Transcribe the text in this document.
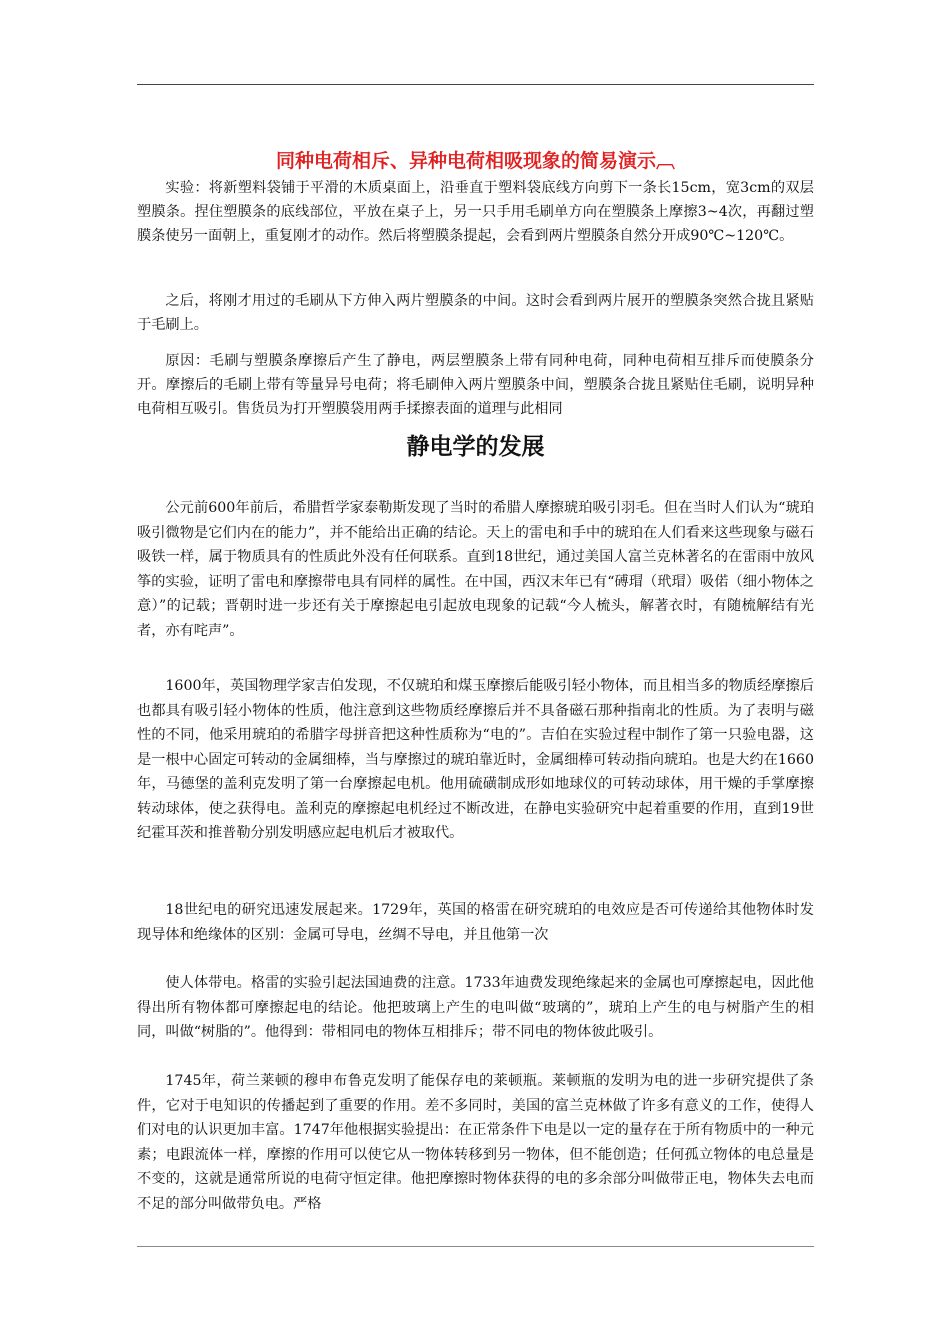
同种电荷相斥、异种电荷相吸现象的简易演示︹

实验：将新塑料袋铺于平滑的木质桌面上，沿垂直于塑料袋底线方向剪下一条长15cm，宽3cm的双层塑膜条。捏住塑膜条的底线部位，平放在桌子上，另一只手用毛刷单方向在塑膜条上摩擦3~4次，再翻过塑膜条使另一面朝上，重复刚才的动作。然后将塑膜条提起，会看到两片塑膜条自然分开成90℃~120℃。

之后，将刚才用过的毛刷从下方伸入两片塑膜条的中间。这时会看到两片展开的塑膜条突然合拢且紧贴于毛刷上。

原因：毛刷与塑膜条摩擦后产生了静电，两层塑膜条上带有同种电荷，同种电荷相互排斥而使膜条分开。摩擦后的毛刷上带有等量异号电荷；将毛刷伸入两片塑膜条中间，塑膜条合拢且紧贴住毛刷，说明异种电荷相互吸引。售货员为打开塑膜袋用两手揉擦表面的道理与此相同

静电学的发展

公元前600年前后，希腊哲学家泰勒斯发现了当时的希腊人摩擦琥珀吸引羽毛。但在当时人们认为“琥珀吸引微物是它们内在的能力”，并不能给出正确的结论。天上的雷电和手中的琥珀在人们看来这些现象与磁石吸铁一样，属于物质具有的性质此外没有任何联系。直到18世纪，通过美国人富兰克林著名的在雷雨中放风筝的实验，证明了雷电和摩擦带电具有同样的属性。在中国，西汉末年已有“磗瑁（玳瑁）吸偌（细小物体之意）”的记载；晋朝时进一步还有关于摩擦起电引起放电现象的记载“今人梳头，解著衣时，有随梳解结有光者，亦有咤声”。

1600年，英国物理学家吉伯发现，不仅琥珀和煤玉摩擦后能吸引轻小物体，而且相当多的物质经摩擦后也都具有吸引轻小物体的性质，他注意到这些物质经摩擦后并不具备磁石那种指南北的性质。为了表明与磁性的不同，他采用琥珀的希腊字母拼音把这种性质称为“电的”。吉伯在实验过程中制作了第一只验电器，这是一根中心固定可转动的金属细棒，当与摩擦过的琥珀靠近时，金属细棒可转动指向琥珀。也是大约在1660年，马德堡的盖利克发明了第一台摩擦起电机。他用硫磺制成形如地球仪的可转动球体，用干燥的手掌摩擦转动球体，使之获得电。盖利克的摩擦起电机经过不断改进，在静电实验研究中起着重要的作用，直到19世纪霍耳茨和推普勒分别发明感应起电机后才被取代。

18世纪电的研究迅速发展起来。1729年，英国的格雷在研究琥珀的电效应是否可传递给其他物体时发现导体和绝缘体的区别：金属可导电，丝绸不导电，并且他第一次

使人体带电。格雷的实验引起法国迪费的注意。1733年迪费发现绝缘起来的金属也可摩擦起电，因此他得出所有物体都可摩擦起电的结论。他把玻璃上产生的电叫做“玻璃的”，琥珀上产生的电与树脂产生的相同，叫做“树脂的”。他得到：带相同电的物体互相排斥；带不同电的物体彼此吸引。

1745年，荷兰莱顿的穆申布鲁克发明了能保存电的莱顿瓶。莱顿瓶的发明为电的进一步研究提供了条件，它对于电知识的传播起到了重要的作用。差不多同时，美国的富兰克林做了许多有意义的工作，使得人们对电的认识更加丰富。1747年他根据实验提出：在正常条件下电是以一定的量存在于所有物质中的一种元素；电跟流体一样，摩擦的作用可以使它从一物体转移到另一物体，但不能创造；任何孤立物体的电总量是不变的，这就是通常所说的电荷守恒定律。他把摩擦时物体获得的电的多余部分叫做带正电，物体失去电而不足的部分叫做带负电。严格
